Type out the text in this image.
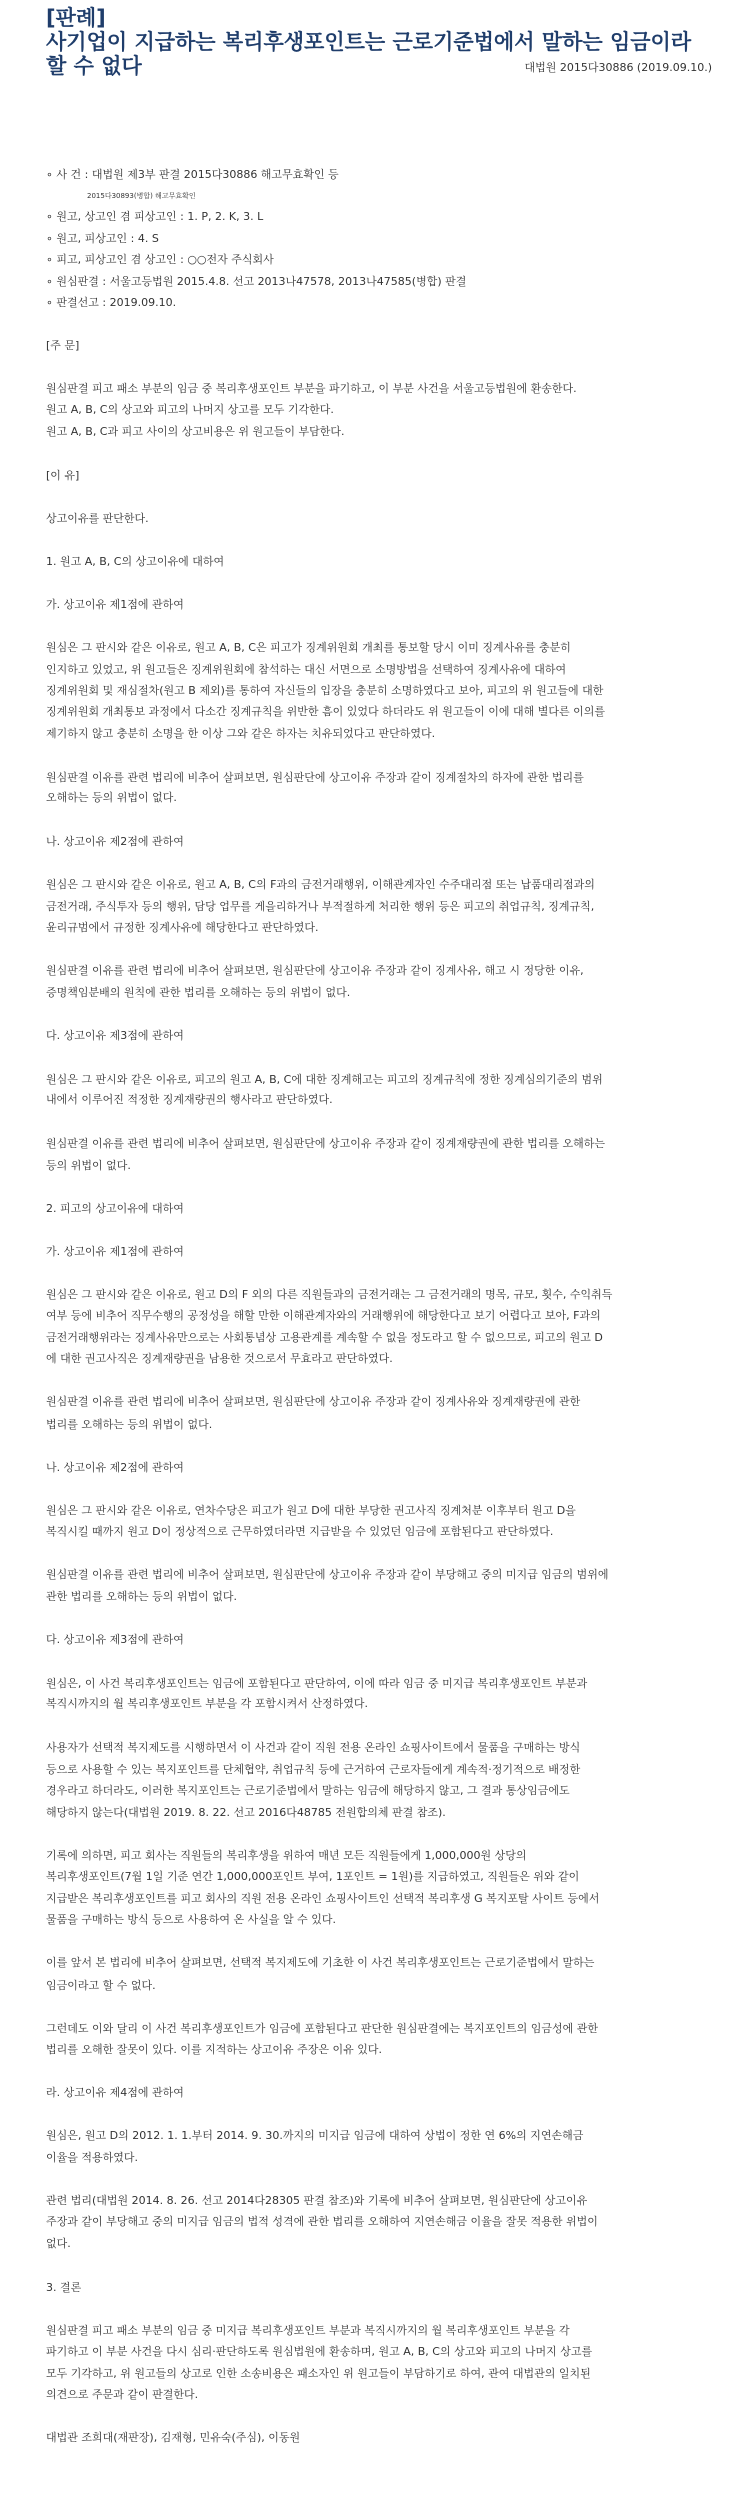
[판례]
사기업이 지급하는 복리후생포인트는 근로기준법에서 말하는 임금이라
할 수 없다	대법원 2015다30886 (2019.09.10.)
∘ 사 건 : 대법원 제3부 판결 2015다30886 해고무효확인 등
2015다30893(병합) 해고무효확인
∘ 원고, 상고인 겸 피상고인 : 1. P, 2. K, 3. L
∘ 원고, 피상고인 : 4. S
∘ 피고, 피상고인 겸 상고인 : ○○전자 주식회사
∘ 원심판결 : 서울고등법원 2015.4.8. 선고 2013나47578, 2013나47585(병합) 판결
∘ 판결선고 : 2019.09.10.
[주 문]
원심판결 피고 패소 부분의 임금 중 복리후생포인트 부분을 파기하고, 이 부분 사건을 서울고등법원에 환송한다.
원고 A, B, C의 상고와 피고의 나머지 상고를 모두 기각한다.
원고 A, B, C과 피고 사이의 상고비용은 위 원고들이 부담한다.
[이 유]
상고이유를 판단한다.
1. 원고 A, B, C의 상고이유에 대하여
가. 상고이유 제1점에 관하여
원심은 그 판시와 같은 이유로, 원고 A, B, C은 피고가 징계위원회 개최를 통보할 당시 이미 징계사유를 충분히
인지하고 있었고, 위 원고들은 징계위원회에 참석하는 대신 서면으로 소명방법을 선택하여 징계사유에 대하여
징계위원회 및 재심절차(원고 B 제외)를 통하여 자신들의 입장을 충분히 소명하였다고 보아, 피고의 위 원고들에 대한
징계위원회 개최통보 과정에서 다소간 징계규칙을 위반한 흠이 있었다 하더라도 위 원고들이 이에 대해 별다른 이의를
제기하지 않고 충분히 소명을 한 이상 그와 같은 하자는 치유되었다고 판단하였다.
원심판결 이유를 관련 법리에 비추어 살펴보면, 원심판단에 상고이유 주장과 같이 징계절차의 하자에 관한 법리를
오해하는 등의 위법이 없다.
나. 상고이유 제2점에 관하여
원심은 그 판시와 같은 이유로, 원고 A, B, C의 F과의 금전거래행위, 이해관계자인 수주대리점 또는 납품대리점과의
금전거래, 주식투자 등의 행위, 담당 업무를 게을리하거나 부적절하게 처리한 행위 등은 피고의 취업규칙, 징계규칙,
윤리규범에서 규정한 징계사유에 해당한다고 판단하였다.
원심판결 이유를 관련 법리에 비추어 살펴보면, 원심판단에 상고이유 주장과 같이 징계사유, 해고 시 정당한 이유,
증명책임분배의 원칙에 관한 법리를 오해하는 등의 위법이 없다.
다. 상고이유 제3점에 관하여
원심은 그 판시와 같은 이유로, 피고의 원고 A, B, C에 대한 징계해고는 피고의 징계규칙에 정한 징계심의기준의 범위
내에서 이루어진 적정한 징계재량권의 행사라고 판단하였다.
원심판결 이유를 관련 법리에 비추어 살펴보면, 원심판단에 상고이유 주장과 같이 징계재량권에 관한 법리를 오해하는
등의 위법이 없다.
2. 피고의 상고이유에 대하여
가. 상고이유 제1점에 관하여
원심은 그 판시와 같은 이유로, 원고 D의 F 외의 다른 직원들과의 금전거래는 그 금전거래의 명목, 규모, 횟수, 수익취득
여부 등에 비추어 직무수행의 공정성을 해할 만한 이해관계자와의 거래행위에 해당한다고 보기 어렵다고 보아, F과의
금전거래행위라는 징계사유만으로는 사회통념상 고용관계를 계속할 수 없을 정도라고 할 수 없으므로, 피고의 원고 D
에 대한 권고사직은 징계재량권을 남용한 것으로서 무효라고 판단하였다.
원심판결 이유를 관련 법리에 비추어 살펴보면, 원심판단에 상고이유 주장과 같이 징계사유와 징계재량권에 관한
법리를 오해하는 등의 위법이 없다.
나. 상고이유 제2점에 관하여
원심은 그 판시와 같은 이유로, 연차수당은 피고가 원고 D에 대한 부당한 권고사직 징계처분 이후부터 원고 D을
복직시킬 때까지 원고 D이 정상적으로 근무하였더라면 지급받을 수 있었던 임금에 포함된다고 판단하였다.
원심판결 이유를 관련 법리에 비추어 살펴보면, 원심판단에 상고이유 주장과 같이 부당해고 중의 미지급 임금의 범위에
관한 법리를 오해하는 등의 위법이 없다.
다. 상고이유 제3점에 관하여
원심은, 이 사건 복리후생포인트는 임금에 포함된다고 판단하여, 이에 따라 임금 중 미지급 복리후생포인트 부분과
복직시까지의 월 복리후생포인트 부분을 각 포함시켜서 산정하였다.
사용자가 선택적 복지제도를 시행하면서 이 사건과 같이 직원 전용 온라인 쇼핑사이트에서 물품을 구매하는 방식
등으로 사용할 수 있는 복지포인트를 단체협약, 취업규칙 등에 근거하여 근로자들에게 계속적·정기적으로 배정한
경우라고 하더라도, 이러한 복지포인트는 근로기준법에서 말하는 임금에 해당하지 않고, 그 결과 통상임금에도
해당하지 않는다(대법원 2019. 8. 22. 선고 2016다48785 전원합의체 판결 참조).
기록에 의하면, 피고 회사는 직원들의 복리후생을 위하여 매년 모든 직원들에게 1,000,000원 상당의
복리후생포인트(7월 1일 기준 연간 1,000,000포인트 부여, 1포인트 = 1원)를 지급하였고, 직원들은 위와 같이
지급받은 복리후생포인트를 피고 회사의 직원 전용 온라인 쇼핑사이트인 선택적 복리후생 G 복지포탈 사이트 등에서
물품을 구매하는 방식 등으로 사용하여 온 사실을 알 수 있다.
이를 앞서 본 법리에 비추어 살펴보면, 선택적 복지제도에 기초한 이 사건 복리후생포인트는 근로기준법에서 말하는
임금이라고 할 수 없다.
그런데도 이와 달리 이 사건 복리후생포인트가 임금에 포함된다고 판단한 원심판결에는 복지포인트의 임금성에 관한
법리를 오해한 잘못이 있다. 이를 지적하는 상고이유 주장은 이유 있다.
라. 상고이유 제4점에 관하여
원심은, 원고 D의 2012. 1. 1.부터 2014. 9. 30.까지의 미지급 임금에 대하여 상법이 정한 연 6%의 지연손해금
이율을 적용하였다.
관련 법리(대법원 2014. 8. 26. 선고 2014다28305 판결 참조)와 기록에 비추어 살펴보면, 원심판단에 상고이유
주장과 같이 부당해고 중의 미지급 임금의 법적 성격에 관한 법리를 오해하여 지연손해금 이율을 잘못 적용한 위법이
없다.
3. 결론
원심판결 피고 패소 부분의 임금 중 미지급 복리후생포인트 부분과 복직시까지의 월 복리후생포인트 부분을 각
파기하고 이 부분 사건을 다시 심리·판단하도록 원심법원에 환송하며, 원고 A, B, C의 상고와 피고의 나머지 상고를
모두 기각하고, 위 원고들의 상고로 인한 소송비용은 패소자인 위 원고들이 부담하기로 하여, 관여 대법관의 일치된
의견으로 주문과 같이 판결한다.
대법관 조희대(재판장), 김재형, 민유숙(주심), 이동원
